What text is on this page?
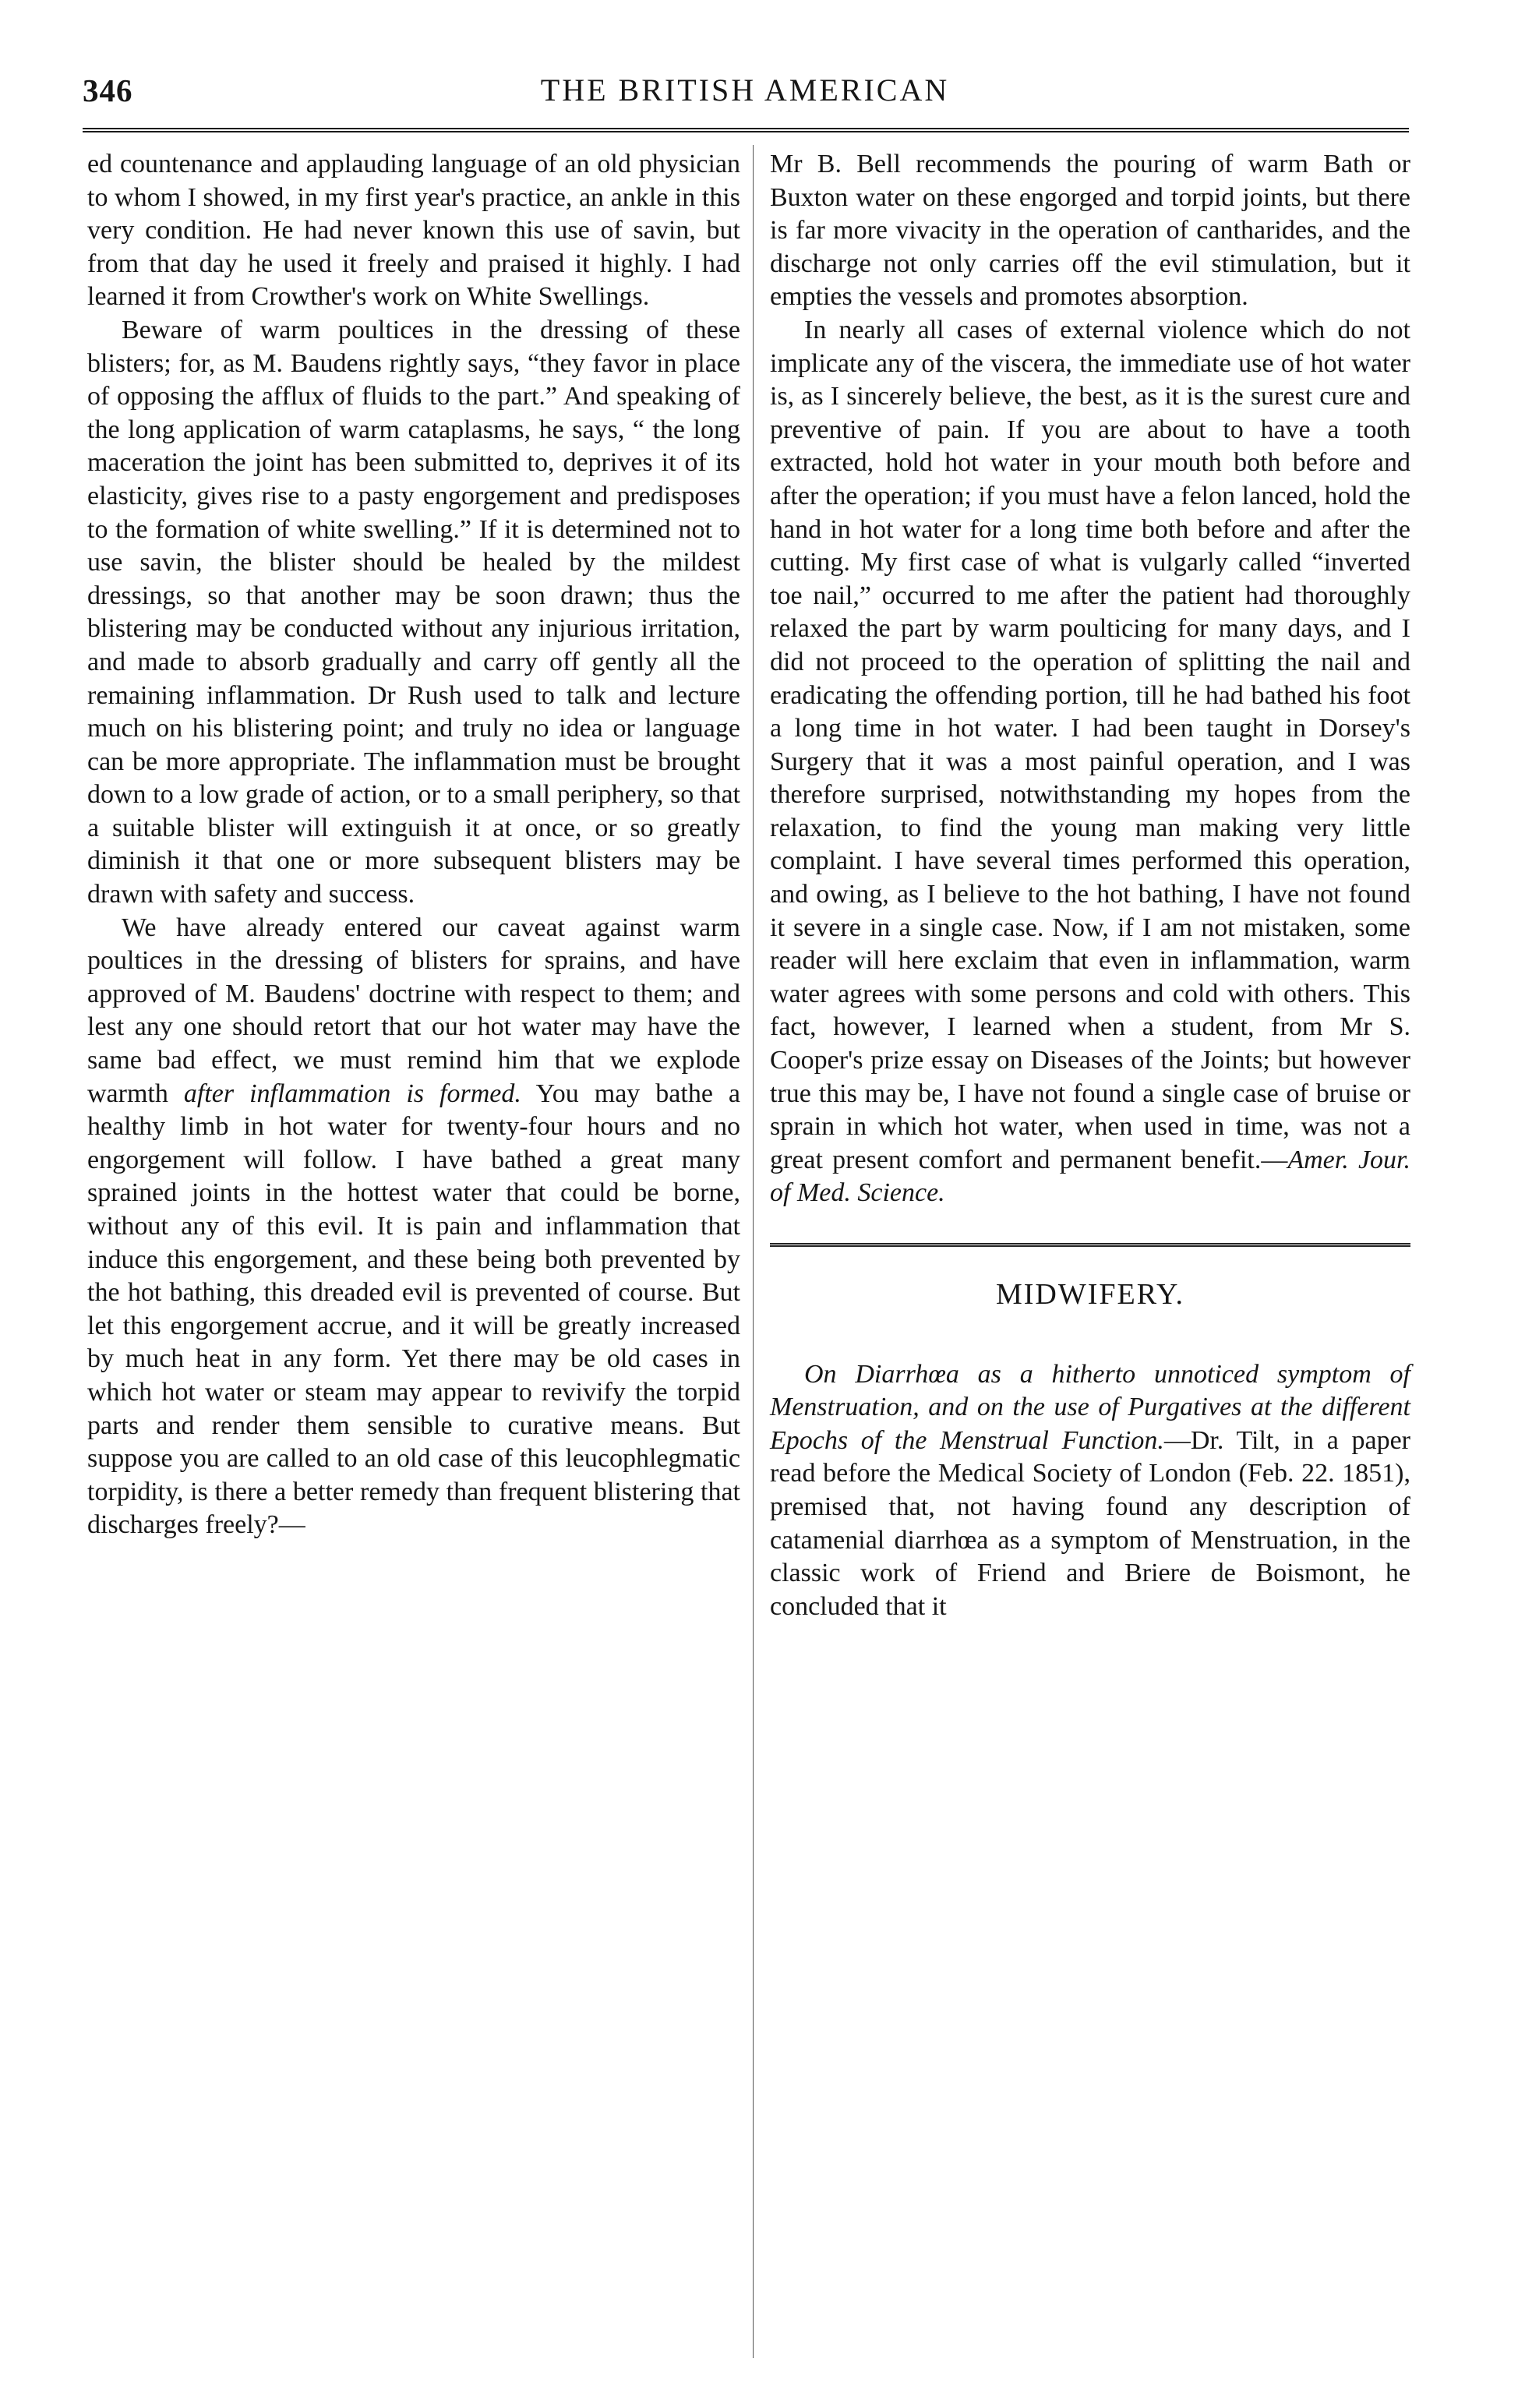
346	THE BRITISH AMERICAN

ed countenance and applauding language of an old physician to whom I showed, in my first year's practice, an ankle in this very condition. He had never known this use of savin, but from that day he used it freely and praised it highly. I had learned it from Crowther's work on White Swellings.

Beware of warm poultices in the dressing of these blisters; for, as M. Baudens rightly says, “they favor in place of opposing the afflux of fluids to the part.” And speaking of the long application of warm cataplasms, he says, “ the long maceration the joint has been submitted to, deprives it of its elasticity, gives rise to a pasty engorgement and predisposes to the formation of white swelling.” If it is determined not to use savin, the blister should be healed by the mildest dressings, so that another may be soon drawn; thus the blistering may be conducted without any injurious irritation, and made to absorb gradually and carry off gently all the remaining inflammation. Dr Rush used to talk and lecture much on his blistering point; and truly no idea or language can be more appropriate. The inflammation must be brought down to a low grade of action, or to a small periphery, so that a suitable blister will extinguish it at once, or so greatly diminish it that one or more subsequent blisters may be drawn with safety and success.

We have already entered our caveat against warm poultices in the dressing of blisters for sprains, and have approved of M. Baudens' doctrine with respect to them; and lest any one should retort that our hot water may have the same bad effect, we must remind him that we explode warmth after inflammation is formed. You may bathe a healthy limb in hot water for twenty-four hours and no engorgement will follow. I have bathed a great many sprained joints in the hottest water that could be borne, without any of this evil. It is pain and inflammation that induce this engorgement, and these being both prevented by the hot bathing, this dreaded evil is prevented of course. But let this engorgement accrue, and it will be greatly increased by much heat in any form. Yet there may be old cases in which hot water or steam may appear to revivify the torpid parts and render them sensible to curative means. But suppose you are called to an old case of this leucophlegmatic torpidity, is there a better remedy than frequent blistering that discharges freely?—

Mr B. Bell recommends the pouring of warm Bath or Buxton water on these engorged and torpid joints, but there is far more vivacity in the operation of cantharides, and the discharge not only carries off the evil stimulation, but it empties the vessels and promotes absorption.

In nearly all cases of external violence which do not implicate any of the viscera, the immediate use of hot water is, as I sincerely believe, the best, as it is the surest cure and preventive of pain. If you are about to have a tooth extracted, hold hot water in your mouth both before and after the operation; if you must have a felon lanced, hold the hand in hot water for a long time both before and after the cutting. My first case of what is vulgarly called “inverted toe nail,” occurred to me after the patient had thoroughly relaxed the part by warm poulticing for many days, and I did not proceed to the operation of splitting the nail and eradicating the offending portion, till he had bathed his foot a long time in hot water. I had been taught in Dorsey's Surgery that it was a most painful operation, and I was therefore surprised, notwithstanding my hopes from the relaxation, to find the young man making very little complaint. I have several times performed this operation, and owing, as I believe to the hot bathing, I have not found it severe in a single case. Now, if I am not mistaken, some reader will here exclaim that even in inflammation, warm water agrees with some persons and cold with others. This fact, however, I learned when a student, from Mr S. Cooper's prize essay on Diseases of the Joints; but however true this may be, I have not found a single case of bruise or sprain in which hot water, when used in time, was not a great present comfort and permanent benefit.—Amer. Jour. of Med. Science.

MIDWIFERY.

On Diarrhœa as a hitherto unnoticed symptom of Menstruation, and on the use of Purgatives at the different Epochs of the Menstrual Function.—Dr. Tilt, in a paper read before the Medical Society of London (Feb. 22. 1851), premised that, not having found any description of catamenial diarrhœa as a symptom of Menstruation, in the classic work of Friend and Briere de Boismont, he concluded that it
